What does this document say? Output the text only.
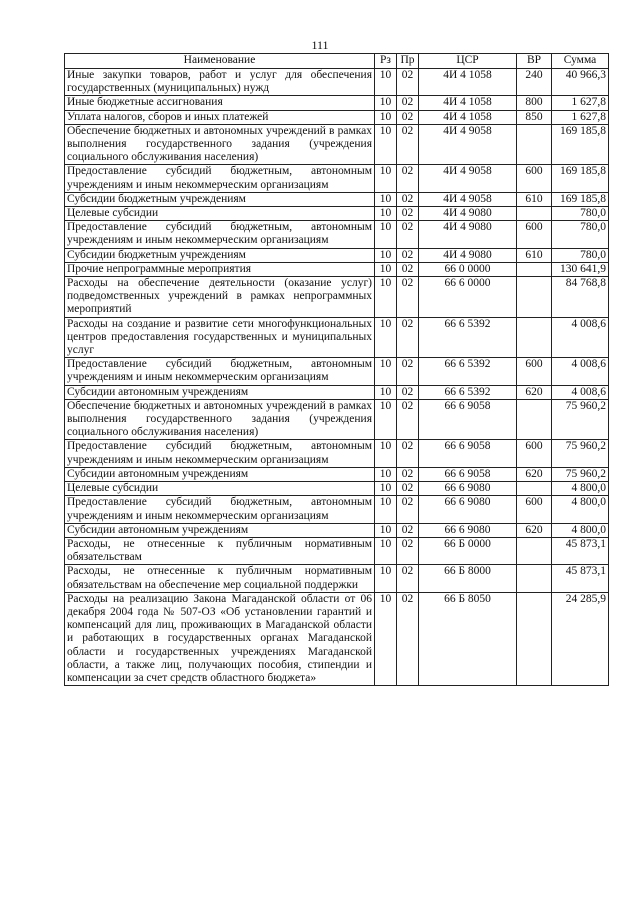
111
Наименование	Рз	Пр	ЦСР	ВР	Сумма
Иные закупки товаров, работ и услуг для обеспечения государственных (муниципальных) нужд	10	02	4И 4 1058	240	40 966,3
Иные бюджетные ассигнования	10	02	4И 4 1058	800	1 627,8
Уплата налогов, сборов и иных платежей	10	02	4И 4 1058	850	1 627,8
Обеспечение бюджетных и автономных учреждений в рамках выполнения государственного задания (учреждения социального обслуживания населения)	10	02	4И 4 9058		169 185,8
Предоставление субсидий бюджетным, автономным учреждениям и иным некоммерческим организациям	10	02	4И 4 9058	600	169 185,8
Субсидии бюджетным учреждениям	10	02	4И 4 9058	610	169 185,8
Целевые субсидии	10	02	4И 4 9080		780,0
Предоставление субсидий бюджетным, автономным учреждениям и иным некоммерческим организациям	10	02	4И 4 9080	600	780,0
Субсидии бюджетным учреждениям	10	02	4И 4 9080	610	780,0
Прочие непрограммные мероприятия	10	02	66 0 0000		130 641,9
Расходы на обеспечение деятельности (оказание услуг) подведомственных учреждений в рамках непрограммных мероприятий	10	02	66 6 0000		84 768,8
Расходы на создание и развитие сети многофункциональных центров предоставления государственных и муниципальных услуг	10	02	66 6 5392		4 008,6
Предоставление субсидий бюджетным, автономным учреждениям и иным некоммерческим организациям	10	02	66 6 5392	600	4 008,6
Субсидии автономным учреждениям	10	02	66 6 5392	620	4 008,6
Обеспечение бюджетных и автономных учреждений в рамках выполнения государственного задания (учреждения социального обслуживания населения)	10	02	66 6 9058		75 960,2
Предоставление субсидий бюджетным, автономным учреждениям и иным некоммерческим организациям	10	02	66 6 9058	600	75 960,2
Субсидии автономным учреждениям	10	02	66 6 9058	620	75 960,2
Целевые субсидии	10	02	66 6 9080		4 800,0
Предоставление субсидий бюджетным, автономным учреждениям и иным некоммерческим организациям	10	02	66 6 9080	600	4 800,0
Субсидии автономным учреждениям	10	02	66 6 9080	620	4 800,0
Расходы, не отнесенные к публичным нормативным обязательствам	10	02	66 Б 0000		45 873,1
Расходы, не отнесенные к публичным нормативным обязательствам на обеспечение мер социальной поддержки	10	02	66 Б 8000		45 873,1
Расходы на реализацию Закона Магаданской области от 06 декабря 2004 года № 507-ОЗ «Об установлении гарантий и компенсаций для лиц, проживающих в Магаданской области и работающих в государственных органах Магаданской области и государственных учреждениях Магаданской области, а также лиц, получающих пособия, стипендии и компенсации за счет средств областного бюджета»	10	02	66 Б 8050		24 285,9
